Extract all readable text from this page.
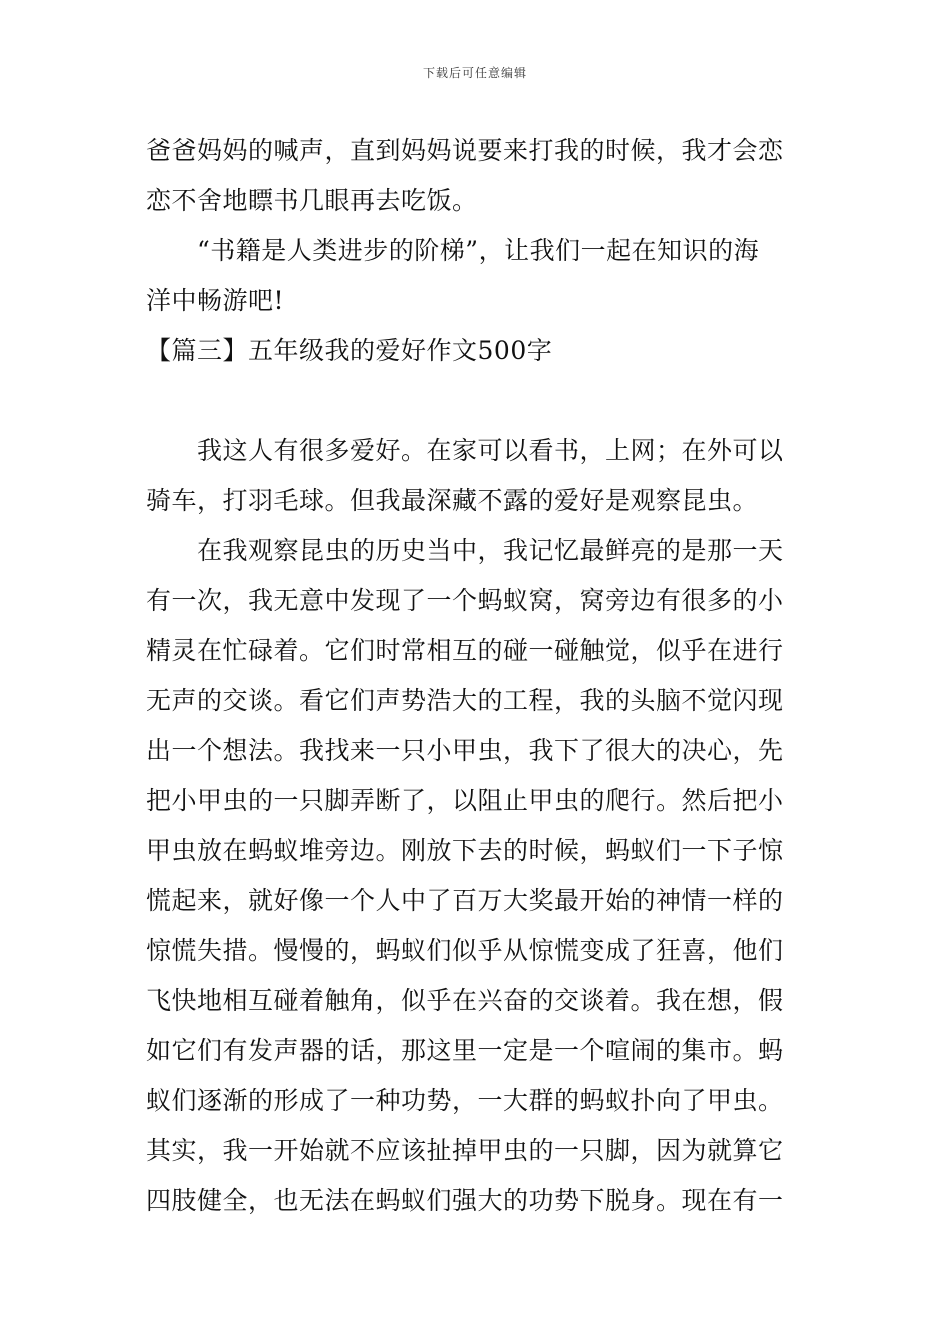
下载后可任意编辑
爸爸妈妈的喊声，直到妈妈说要来打我的时候，我才会恋
恋不舍地瞟书几眼再去吃饭。
　　“书籍是人类进步的阶梯”，让我们一起在知识的海
洋中畅游吧!
【篇三】五年级我的爱好作文500字
　　我这人有很多爱好。在家可以看书，上网；在外可以
骑车，打羽毛球。但我最深藏不露的爱好是观察昆虫。
　　在我观察昆虫的历史当中，我记忆最鲜亮的是那一天
有一次，我无意中发现了一个蚂蚁窝，窝旁边有很多的小
精灵在忙碌着。它们时常相互的碰一碰触觉，似乎在进行
无声的交谈。看它们声势浩大的工程，我的头脑不觉闪现
出一个想法。我找来一只小甲虫，我下了很大的决心，先
把小甲虫的一只脚弄断了，以阻止甲虫的爬行。然后把小
甲虫放在蚂蚁堆旁边。刚放下去的时候，蚂蚁们一下子惊
慌起来，就好像一个人中了百万大奖最开始的神情一样的
惊慌失措。慢慢的，蚂蚁们似乎从惊慌变成了狂喜，他们
飞快地相互碰着触角，似乎在兴奋的交谈着。我在想，假
如它们有发声器的话，那这里一定是一个喧闹的集市。蚂
蚁们逐渐的形成了一种功势，一大群的蚂蚁扑向了甲虫。
其实，我一开始就不应该扯掉甲虫的一只脚，因为就算它
四肢健全，也无法在蚂蚁们强大的功势下脱身。现在有一
